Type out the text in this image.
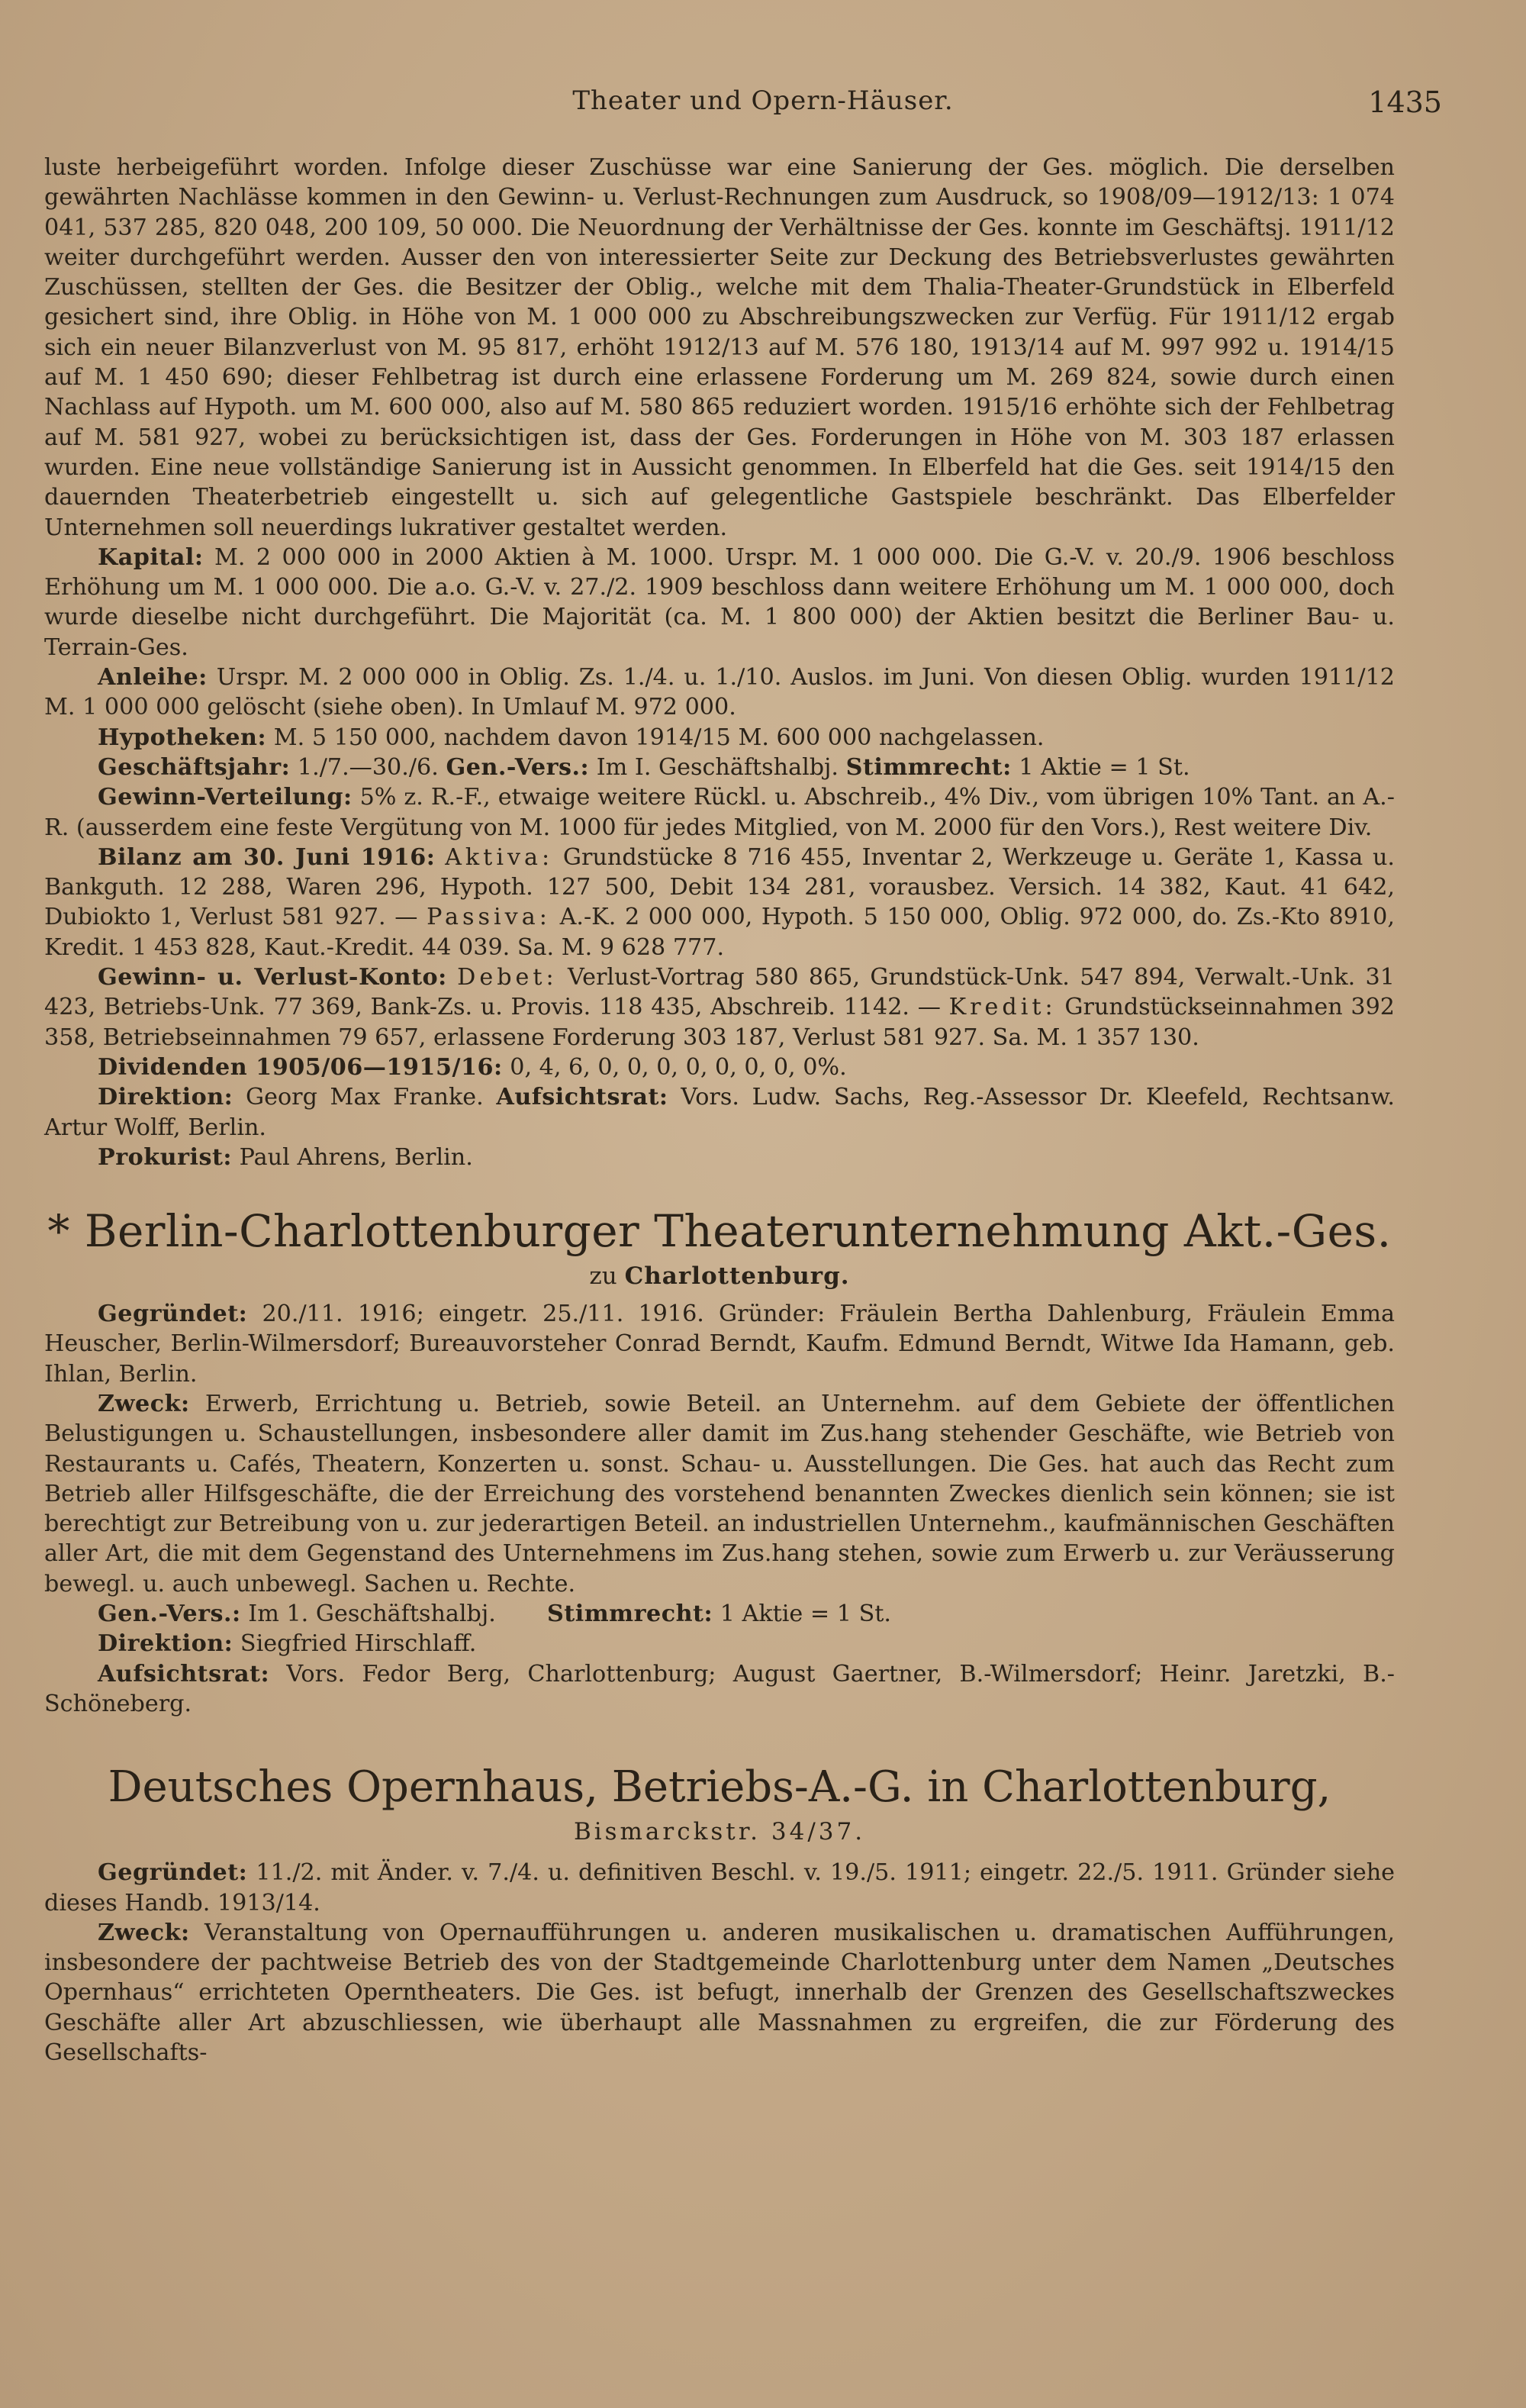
Theater und Opern-Häuser.	1435

luste herbeigeführt worden. Infolge dieser Zuschüsse war eine Sanierung der Ges. möglich. Die derselben gewährten Nachlässe kommen in den Gewinn- u. Verlust-Rechnungen zum Ausdruck, so 1908/09—1912/13: 1 074 041, 537 285, 820 048, 200 109, 50 000. Die Neuordnung der Verhältnisse der Ges. konnte im Geschäftsj. 1911/12 weiter durchgeführt werden. Ausser den von interessierter Seite zur Deckung des Betriebsverlustes gewährten Zuschüssen, stellten der Ges. die Besitzer der Oblig., welche mit dem Thalia-Theater-Grundstück in Elberfeld gesichert sind, ihre Oblig. in Höhe von M. 1 000 000 zu Abschreibungszwecken zur Verfüg. Für 1911/12 ergab sich ein neuer Bilanzverlust von M. 95 817, erhöht 1912/13 auf M. 576 180, 1913/14 auf M. 997 992 u. 1914/15 auf M. 1 450 690; dieser Fehlbetrag ist durch eine erlassene Forderung um M. 269 824, sowie durch einen Nachlass auf Hypoth. um M. 600 000, also auf M. 580 865 reduziert worden. 1915/16 erhöhte sich der Fehlbetrag auf M. 581 927, wobei zu berücksichtigen ist, dass der Ges. Forderungen in Höhe von M. 303 187 erlassen wurden. Eine neue vollständige Sanierung ist in Aussicht genommen. In Elberfeld hat die Ges. seit 1914/15 den dauernden Theaterbetrieb eingestellt u. sich auf gelegentliche Gastspiele beschränkt. Das Elberfelder Unternehmen soll neuerdings lukrativer gestaltet werden.

Kapital: M. 2 000 000 in 2000 Aktien à M. 1000. Urspr. M. 1 000 000. Die G.-V. v. 20./9. 1906 beschloss Erhöhung um M. 1 000 000. Die a.o. G.-V. v. 27./2. 1909 beschloss dann weitere Erhöhung um M. 1 000 000, doch wurde dieselbe nicht durchgeführt. Die Majorität (ca. M. 1 800 000) der Aktien besitzt die Berliner Bau- u. Terrain-Ges.

Anleihe: Urspr. M. 2 000 000 in Oblig. Zs. 1./4. u. 1./10. Auslos. im Juni. Von diesen Oblig. wurden 1911/12 M. 1 000 000 gelöscht (siehe oben). In Umlauf M. 972 000.

Hypotheken: M. 5 150 000, nachdem davon 1914/15 M. 600 000 nachgelassen.

Geschäftsjahr: 1./7.—30./6. Gen.-Vers.: Im I. Geschäftshalbj. Stimmrecht: 1 Aktie = 1 St.

Gewinn-Verteilung: 5% z. R.-F., etwaige weitere Rückl. u. Abschreib., 4% Div., vom übrigen 10% Tant. an A.-R. (ausserdem eine feste Vergütung von M. 1000 für jedes Mitglied, von M. 2000 für den Vors.), Rest weitere Div.

Bilanz am 30. Juni 1916: Aktiva: Grundstücke 8 716 455, Inventar 2, Werkzeuge u. Geräte 1, Kassa u. Bankguth. 12 288, Waren 296, Hypoth. 127 500, Debit 134 281, vorausbez. Versich. 14 382, Kaut. 41 642, Dubiokto 1, Verlust 581 927. — Passiva: A.-K. 2 000 000, Hypoth. 5 150 000, Oblig. 972 000, do. Zs.-Kto 8910, Kredit. 1 453 828, Kaut.-Kredit. 44 039. Sa. M. 9 628 777.

Gewinn- u. Verlust-Konto: Debet: Verlust-Vortrag 580 865, Grundstück-Unk. 547 894, Verwalt.-Unk. 31 423, Betriebs-Unk. 77 369, Bank-Zs. u. Provis. 118 435, Abschreib. 1142. — Kredit: Grundstückseinnahmen 392 358, Betriebseinnahmen 79 657, erlassene Forderung 303 187, Verlust 581 927. Sa. M. 1 357 130.

Dividenden 1905/06—1915/16: 0, 4, 6, 0, 0, 0, 0, 0, 0, 0, 0%.

Direktion: Georg Max Franke. Aufsichtsrat: Vors. Ludw. Sachs, Reg.-Assessor Dr. Kleefeld, Rechtsanw. Artur Wolff, Berlin.

Prokurist: Paul Ahrens, Berlin.

* Berlin-Charlottenburger Theaterunternehmung Akt.-Ges.
zu Charlottenburg.

Gegründet: 20./11. 1916; eingetr. 25./11. 1916. Gründer: Fräulein Bertha Dahlenburg, Fräulein Emma Heuscher, Berlin-Wilmersdorf; Bureauvorsteher Conrad Berndt, Kaufm. Edmund Berndt, Witwe Ida Hamann, geb. Ihlan, Berlin.

Zweck: Erwerb, Errichtung u. Betrieb, sowie Beteil. an Unternehm. auf dem Gebiete der öffentlichen Belustigungen u. Schaustellungen, insbesondere aller damit im Zus.hang stehender Geschäfte, wie Betrieb von Restaurants u. Cafés, Theatern, Konzerten u. sonst. Schau- u. Ausstellungen. Die Ges. hat auch das Recht zum Betrieb aller Hilfsgeschäfte, die der Erreichung des vorstehend benannten Zweckes dienlich sein können; sie ist berechtigt zur Betreibung von u. zur jederartigen Beteil. an industriellen Unternehm., kaufmännischen Geschäften aller Art, die mit dem Gegenstand des Unternehmens im Zus.hang stehen, sowie zum Erwerb u. zur Veräusserung bewegl. u. auch unbewegl. Sachen u. Rechte.

Gen.-Vers.: Im 1. Geschäftshalbj. Stimmrecht: 1 Aktie = 1 St.

Direktion: Siegfried Hirschlaff.

Aufsichtsrat: Vors. Fedor Berg, Charlottenburg; August Gaertner, B.-Wilmersdorf; Heinr. Jaretzki, B.-Schöneberg.

Deutsches Opernhaus, Betriebs-A.-G. in Charlottenburg,
Bismarckstr. 34/37.

Gegründet: 11./2. mit Änder. v. 7./4. u. definitiven Beschl. v. 19./5. 1911; eingetr. 22./5. 1911. Gründer siehe dieses Handb. 1913/14.

Zweck: Veranstaltung von Opernaufführungen u. anderen musikalischen u. dramatischen Aufführungen, insbesondere der pachtweise Betrieb des von der Stadtgemeinde Charlottenburg unter dem Namen „Deutsches Opernhaus“ errichteten Operntheaters. Die Ges. ist befugt, innerhalb der Grenzen des Gesellschaftszweckes Geschäfte aller Art abzuschliessen, wie überhaupt alle Massnahmen zu ergreifen, die zur Förderung des Gesellschafts-
